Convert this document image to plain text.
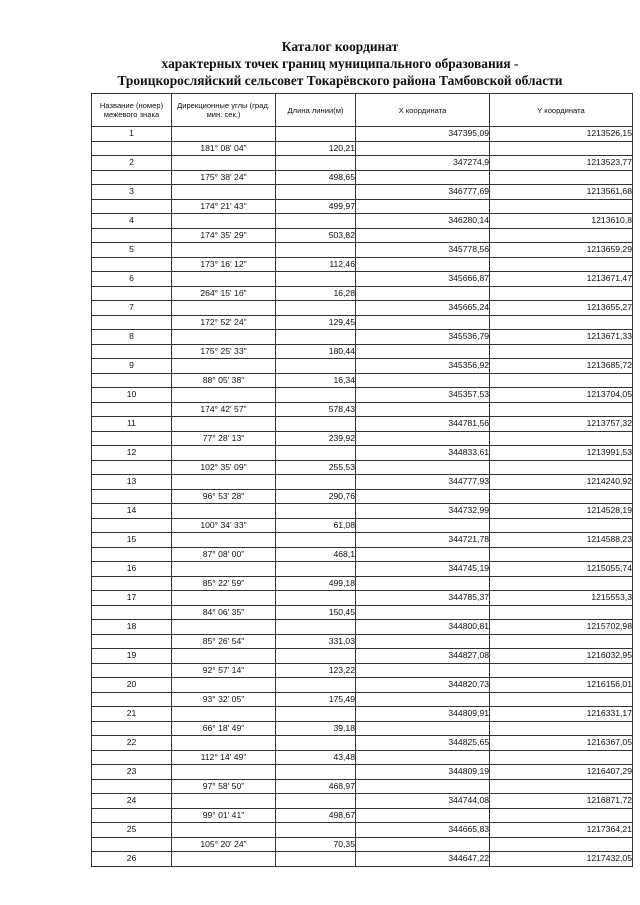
Каталог координат
характерных точек границ муниципального образования -
Троицкоросляйский сельсовет Токарёвского района Тамбовской области
Название (номер) межевого знака	Дирекционные углы (град. мин. сек.)	Длина линии(м)	X координата	Y координата
1			347395,09	1213526,15
	181° 08' 04"	120,21		
2			347274,9	1213523,77
	175° 38' 24"	498,65		
3			346777,69	1213561,68
	174° 21' 43"	499,97		
4			346280,14	1213610,8
	174° 35' 29"	503,82		
5			345778,56	1213659,29
	173° 16' 12"	112,46		
6			345666,87	1213671,47
	264° 15' 16"	16,28		
7			345665,24	1213655,27
	172° 52' 24"	129,45		
8			345536,79	1213671,33
	175° 25' 33"	180,44		
9			345356,92	1213685,72
	88° 05' 38"	16,34		
10			345357,53	1213704,05
	174° 42' 57"	578,43		
11			344781,56	1213757,32
	77° 28' 13"	239,92		
12			344833,61	1213991,53
	102° 35' 09"	255,53		
13			344777,93	1214240,92
	96° 53' 28"	290,76		
14			344732,99	1214528,19
	100° 34' 33"	61,08		
15			344721,78	1214588,23
	87° 08' 00"	468,1		
16			344745,19	1215055,74
	85° 22' 59"	499,18		
17			344785,37	1215553,3
	84° 06' 35"	150,45		
18			344800,81	1215702,98
	85° 26' 54"	331,03		
19			344827,08	1216032,95
	92° 57' 14"	123,22		
20			344820,73	1216156,01
	93° 32' 05"	175,49		
21			344809,91	1216331,17
	66° 18' 49"	39,18		
22			344825,65	1216367,05
	112° 14' 49"	43,48		
23			344809,19	1216407,29
	97° 58' 50"	468,97		
24			344744,08	1216871,72
	99° 01' 41"	498,67		
25			344665,83	1217364,21
	105° 20' 24"	70,35		
26			344647,22	1217432,05
